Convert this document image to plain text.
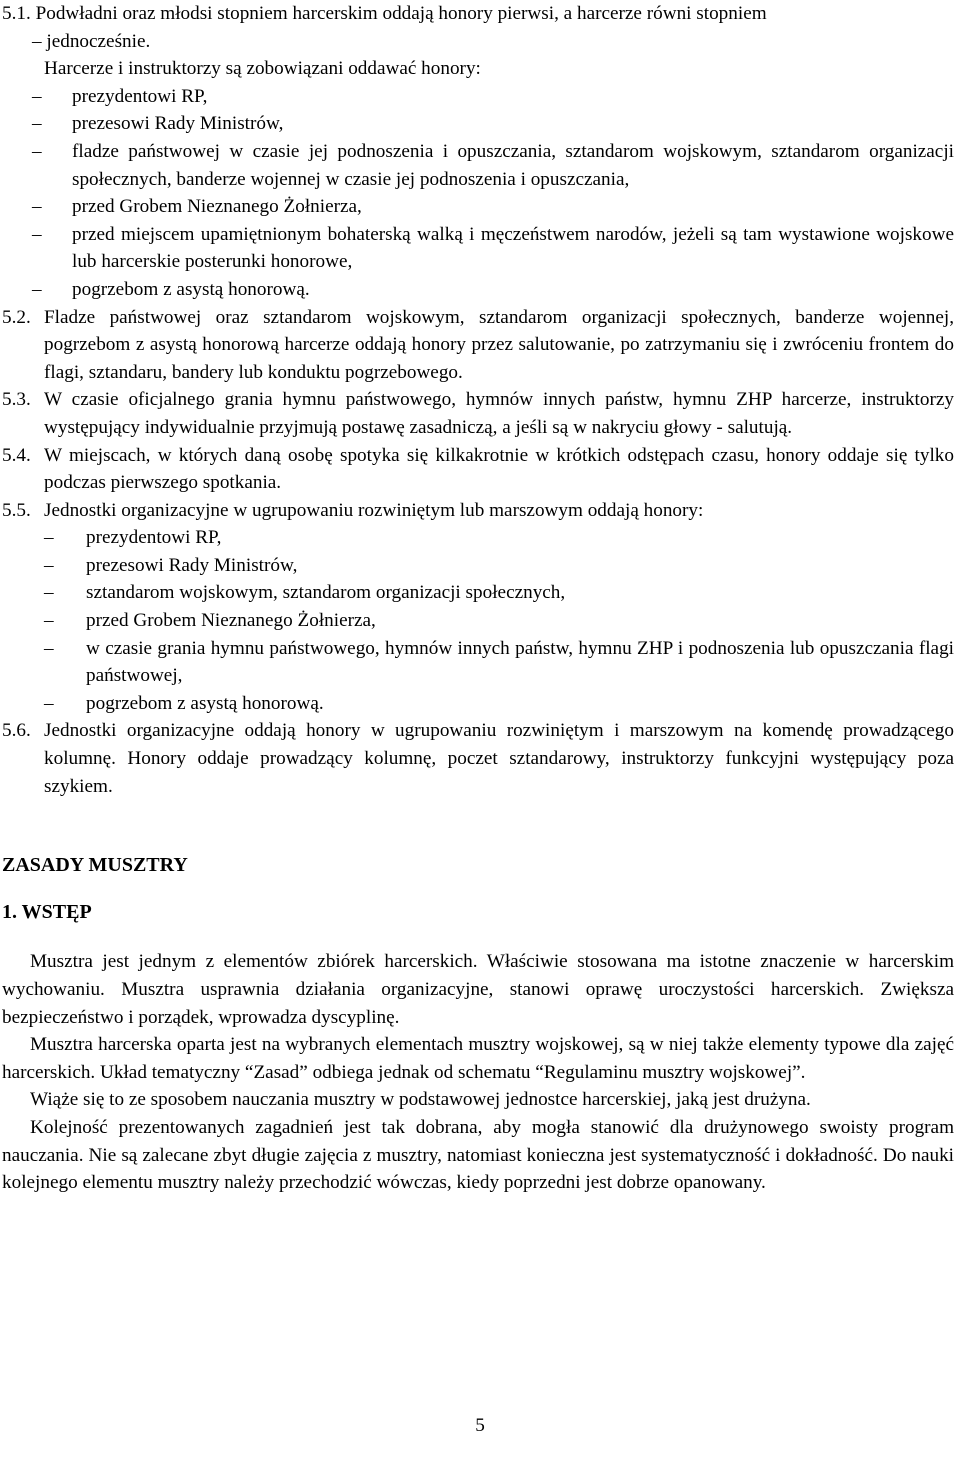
5.1. Podwładni oraz młodsi stopniem harcerskim oddają honory pierwsi, a harcerze równi stopniem

– jednocześnie.

Harcerze i instruktorzy są zobowiązani oddawać honory:

– prezydentowi RP,
– prezesowi Rady Ministrów,
– fladze państwowej w czasie jej podnoszenia i opuszczania, sztandarom wojskowym, sztandarom organizacji społecznych, banderze wojennej w czasie jej podnoszenia i opuszczania,
– przed Grobem Nieznanego Żołnierza,
– przed miejscem upamiętnionym bohaterską walką i męczeństwem narodów, jeżeli są tam wystawione wojskowe lub harcerskie posterunki honorowe,
– pogrzebom z asystą honorową.
5.2. Fladze państwowej oraz sztandarom wojskowym, sztandarom organizacji społecznych, banderze wojennej, pogrzebom z asystą honorową harcerze oddają honory przez salutowanie, po zatrzymaniu się i zwróceniu frontem do flagi, sztandaru, bandery lub konduktu pogrzebowego.
5.3. W czasie oficjalnego grania hymnu państwowego, hymnów innych państw, hymnu ZHP harcerze, instruktorzy występujący indywidualnie przyjmują postawę zasadniczą, a jeśli są w nakryciu głowy - salutują.
5.4. W miejscach, w których daną osobę spotyka się kilkakrotnie w krótkich odstępach czasu, honory oddaje się tylko podczas pierwszego spotkania.
5.5. Jednostki organizacyjne w ugrupowaniu rozwiniętym lub marszowym oddają honory:
– prezydentowi RP,
– prezesowi Rady Ministrów,
– sztandarom wojskowym, sztandarom organizacji społecznych,
– przed Grobem Nieznanego Żołnierza,
– w czasie grania hymnu państwowego, hymnów innych państw, hymnu ZHP i podnoszenia lub opuszczania flagi państwowej,
– pogrzebom z asystą honorową.
5.6. Jednostki organizacyjne oddają honory w ugrupowaniu rozwiniętym i marszowym na komendę prowadzącego kolumnę. Honory oddaje prowadzący kolumnę, poczet sztandarowy, instruktorzy funkcyjni występujący poza szykiem.

ZASADY MUSZTRY

1. WSTĘP

Musztra jest jednym z elementów zbiórek harcerskich. Właściwie stosowana ma istotne znaczenie w harcerskim wychowaniu. Musztra usprawnia działania organizacyjne, stanowi oprawę uroczystości harcerskich. Zwiększa bezpieczeństwo i porządek, wprowadza dyscyplinę.

Musztra harcerska oparta jest na wybranych elementach musztry wojskowej, są w niej także elementy typowe dla zajęć harcerskich. Układ tematyczny “Zasad” odbiega jednak od schematu “Regulaminu musztry wojskowej”.

Wiąże się to ze sposobem nauczania musztry w podstawowej jednostce harcerskiej, jaką jest drużyna.

Kolejność prezentowanych zagadnień jest tak dobrana, aby mogła stanowić dla drużynowego swoisty program nauczania. Nie są zalecane zbyt długie zajęcia z musztry, natomiast konieczna jest systematyczność i dokładność. Do nauki kolejnego elementu musztry należy przechodzić wówczas, kiedy poprzedni jest dobrze opanowany.

5
